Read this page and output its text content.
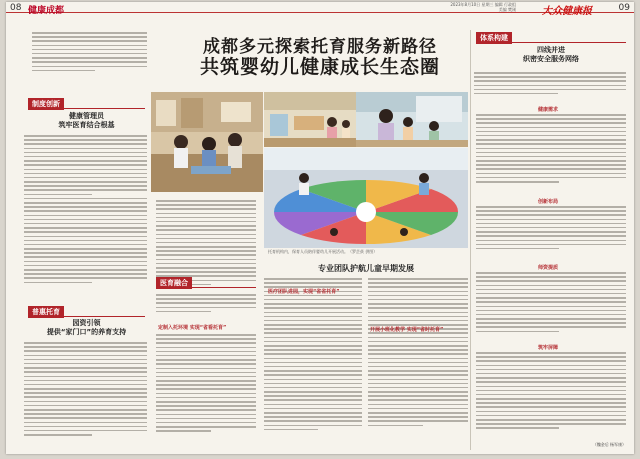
08 健康成都
2023年8月10日 星期三 编辑 行政组 美编 樊刚	大众健康报	09
成都多元探索托育服务新路径
共筑婴幼儿健康成长生态圈
制度创新
健康管理员
筑牢医育结合根基
普惠托育
园资引领
提供“家门口”的养育支持
医育融合
定制入托环境 实现“省看托育”
托育机构内，保育人员陪伴婴幼儿开展活动。（罗芷荻 供图）
专业团队护航儿童早期发展
医疗团队进园，实现“省省托育”
开展小班化教学 实现“省时托育”
体系构建
四线并进
织密安全服务网络
健康需求
创新布局
师资提质
筑牢屏障
（魏金后 杨军康）
